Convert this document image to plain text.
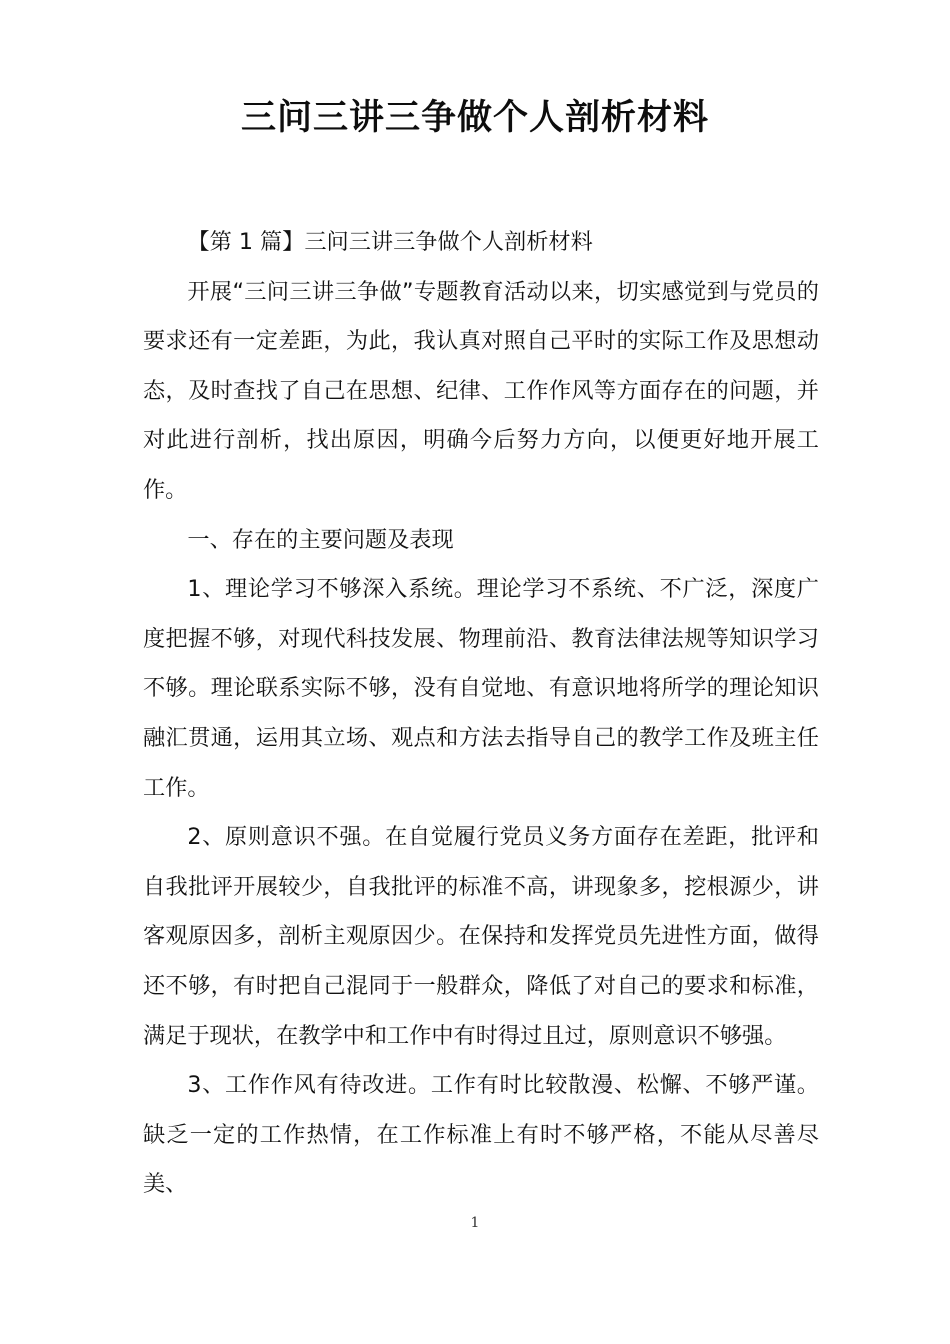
三问三讲三争做个人剖析材料

【第 1 篇】三问三讲三争做个人剖析材料

开展“三问三讲三争做”专题教育活动以来，切实感觉到与党员的要求还有一定差距，为此，我认真对照自己平时的实际工作及思想动态，及时查找了自己在思想、纪律、工作作风等方面存在的问题，并对此进行剖析，找出原因，明确今后努力方向，以便更好地开展工作。

一、存在的主要问题及表现

1、理论学习不够深入系统。理论学习不系统、不广泛，深度广度把握不够，对现代科技发展、物理前沿、教育法律法规等知识学习不够。理论联系实际不够，没有自觉地、有意识地将所学的理论知识融汇贯通，运用其立场、观点和方法去指导自己的教学工作及班主任工作。

2、原则意识不强。在自觉履行党员义务方面存在差距，批评和自我批评开展较少，自我批评的标准不高，讲现象多，挖根源少，讲客观原因多，剖析主观原因少。在保持和发挥党员先进性方面，做得还不够，有时把自己混同于一般群众，降低了对自己的要求和标准，满足于现状，在教学中和工作中有时得过且过，原则意识不够强。

3、工作作风有待改进。工作有时比较散漫、松懈、不够严谨。缺乏一定的工作热情，在工作标准上有时不够严格，不能从尽善尽美、

1
